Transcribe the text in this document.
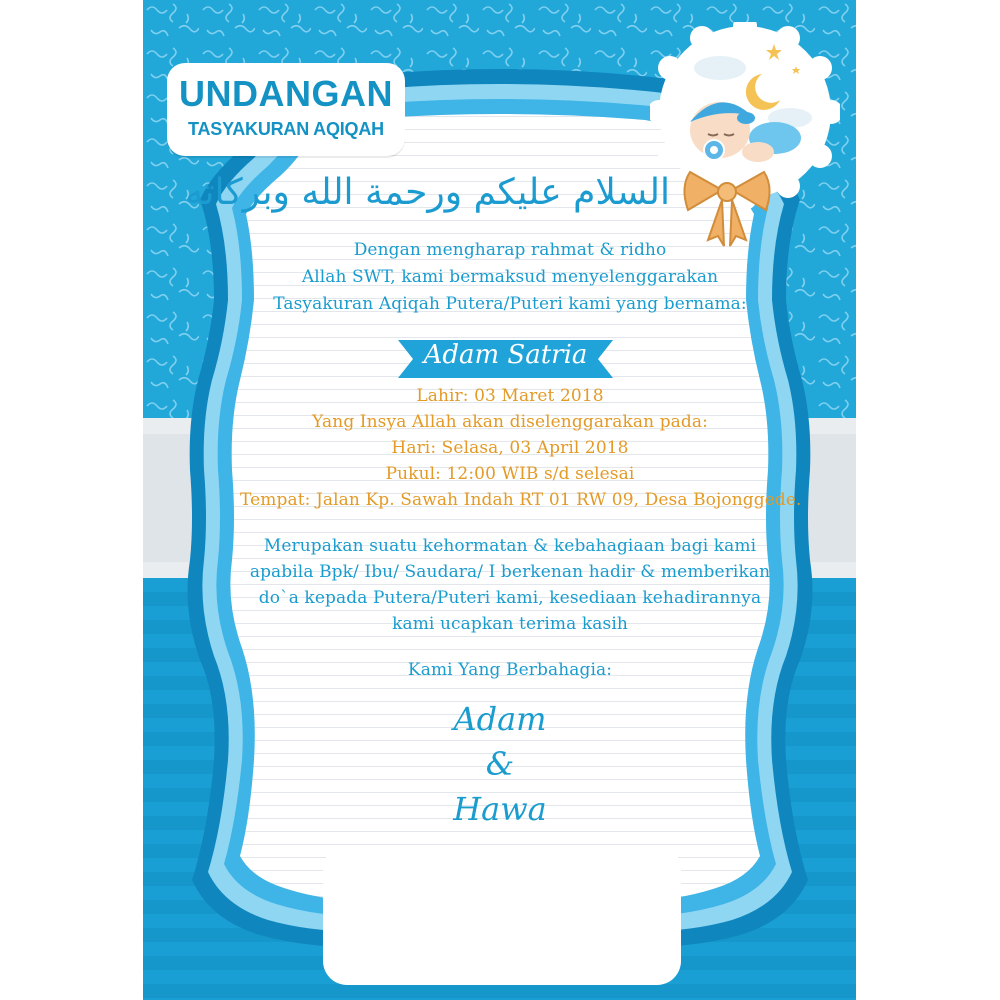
UNDANGAN
TASYAKURAN AQIQAH
السلام عليكم ورحمة الله وبركاته
Dengan mengharap rahmat & ridho
Allah SWT, kami bermaksud menyelenggarakan
Tasyakuran Aqiqah Putera/Puteri kami yang bernama:
Adam Satria
Lahir: 03 Maret 2018
Yang Insya Allah akan diselenggarakan pada:
Hari: Selasa, 03 April 2018
Pukul: 12:00 WIB s/d selesai
Tempat: Jalan Kp. Sawah Indah RT 01 RW 09, Desa Bojonggede.
Merupakan suatu kehormatan & kebahagiaan bagi kami
apabila Bpk/ Ibu/ Saudara/ I berkenan hadir & memberikan
do`a kepada Putera/Puteri kami, kesediaan kehadirannya
kami ucapkan terima kasih
Kami Yang Berbahagia:
Adam
&
Hawa
